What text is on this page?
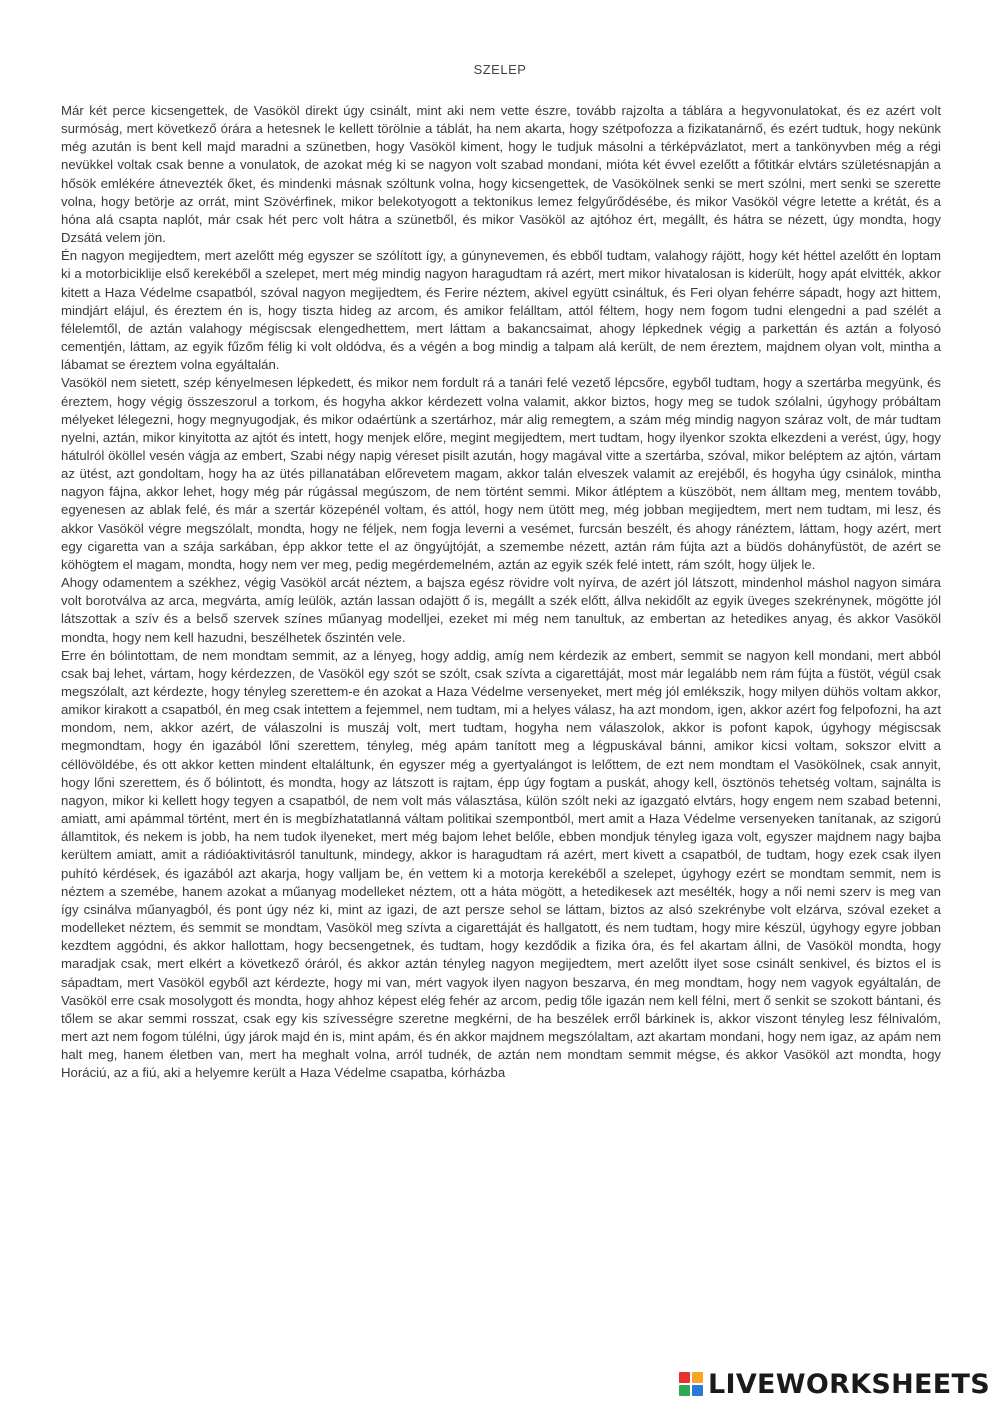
SZELEP

Már két perce kicsengettek, de Vasököl direkt úgy csinált, mint aki nem vette észre, tovább rajzolta a táblára a hegyvonulatokat, és ez azért volt surmóság, mert következő órára a hetesnek le kellett törölnie a táblát, ha nem akarta, hogy szétpofozza a fizikatanárnő, és ezért tudtuk, hogy nekünk még azután is bent kell majd maradni a szünetben, hogy Vasököl kiment, hogy le tudjuk másolni a térképvázlatot, mert a tankönyvben még a régi nevükkel voltak csak benne a vonulatok, de azokat még ki se nagyon volt szabad mondani, mióta két évvel ezelőtt a főtitkár elvtárs születésnapján a hősök emlékére átnevezték őket, és mindenki másnak szóltunk volna, hogy kicsengettek, de Vasökölnek senki se mert szólni, mert senki se szerette volna, hogy betörje az orrát, mint Szövérfinek, mikor belekotyogott a tektonikus lemez felgyűrődésébe, és mikor Vasököl végre letette a krétát, és a hóna alá csapta naplót, már csak hét perc volt hátra a szünetből, és mikor Vasököl az ajtóhoz ért, megállt, és hátra se nézett, úgy mondta, hogy Dzsátá velem jön.

Én nagyon megijedtem, mert azelőtt még egyszer se szólított így, a gúnynevemen, és ebből tudtam, valahogy rájött, hogy két héttel azelőtt én loptam ki a motorbiciklije első kerekéből a szelepet, mert még mindig nagyon haragudtam rá azért, mert mikor hivatalosan is kiderült, hogy apát elvitték, akkor kitett a Haza Védelme csapatból, szóval nagyon megijedtem, és Ferire néztem, akivel együtt csináltuk, és Feri olyan fehérre sápadt, hogy azt hittem, mindjárt elájul, és éreztem én is, hogy tiszta hideg az arcom, és amikor felálltam, attól féltem, hogy nem fogom tudni elengedni a pad szélét a félelemtől, de aztán valahogy mégiscsak elengedhettem, mert láttam a bakancsaimat, ahogy lépkednek végig a parkettán és aztán a folyosó cementjén, láttam, az egyik fűzőm félig ki volt oldódva, és a végén a bog mindig a talpam alá került, de nem éreztem, majdnem olyan volt, mintha a lábamat se éreztem volna egyáltalán.

Vasököl nem sietett, szép kényelmesen lépkedett, és mikor nem fordult rá a tanári felé vezető lépcsőre, egyből tudtam, hogy a szertárba megyünk, és éreztem, hogy végig összeszorul a torkom, és hogyha akkor kérdezett volna valamit, akkor biztos, hogy meg se tudok szólalni, úgyhogy próbáltam mélyeket lélegezni, hogy megnyugodjak, és mikor odaértünk a szertárhoz, már alig remegtem, a szám még mindig nagyon száraz volt, de már tudtam nyelni, aztán, mikor kinyitotta az ajtót és intett, hogy menjek előre, megint megijedtem, mert tudtam, hogy ilyenkor szokta elkezdeni a verést, úgy, hogy hátulról ököllel vesén vágja az embert, Szabi négy napig véreset pisilt azután, hogy magával vitte a szertárba, szóval, mikor beléptem az ajtón, vártam az ütést, azt gondoltam, hogy ha az ütés pillanatában előrevetem magam, akkor talán elveszek valamit az erejéből, és hogyha úgy csinálok, mintha nagyon fájna, akkor lehet, hogy még pár rúgással megúszom, de nem történt semmi. Mikor átléptem a küszöböt, nem álltam meg, mentem tovább, egyenesen az ablak felé, és már a szertár közepénél voltam, és attól, hogy nem ütött meg, még jobban megijedtem, mert nem tudtam, mi lesz, és akkor Vasököl végre megszólalt, mondta, hogy ne féljek, nem fogja leverni a vesémet, furcsán beszélt, és ahogy ránéztem, láttam, hogy azért, mert egy cigaretta van a szája sarkában, épp akkor tette el az öngyújtóját, a szemembe nézett, aztán rám fújta azt a büdös dohányfüstöt, de azért se köhögtem el magam, mondta, hogy nem ver meg, pedig megérdemelném, aztán az egyik szék felé intett, rám szólt, hogy üljek le.

Ahogy odamentem a székhez, végig Vasököl arcát néztem, a bajsza egész rövidre volt nyírva, de azért jól látszott, mindenhol máshol nagyon simára volt borotválva az arca, megvárta, amíg leülök, aztán lassan odajött ő is, megállt a szék előtt, állva nekidőlt az egyik üveges szekrénynek, mögötte jól látszottak a szív és a belső szervek színes műanyag modelljei, ezeket mi még nem tanultuk, az embertan az hetedikes anyag, és akkor Vasököl mondta, hogy nem kell hazudni, beszélhetek őszintén vele.

Erre én bólintottam, de nem mondtam semmit, az a lényeg, hogy addig, amíg nem kérdezik az embert, semmit se nagyon kell mondani, mert abból csak baj lehet, vártam, hogy kérdezzen, de Vasököl egy szót se szólt, csak szívta a cigarettáját, most már legalább nem rám fújta a füstöt, végül csak megszólalt, azt kérdezte, hogy tényleg szerettem-e én azokat a Haza Védelme versenyeket, mert még jól emlékszik, hogy milyen dühös voltam akkor, amikor kirakott a csapatból, én meg csak intettem a fejemmel, nem tudtam, mi a helyes válasz, ha azt mondom, igen, akkor azért fog felpofozni, ha azt mondom, nem, akkor azért, de válaszolni is muszáj volt, mert tudtam, hogyha nem válaszolok, akkor is pofont kapok, úgyhogy mégiscsak megmondtam, hogy én igazából lőni szerettem, tényleg, még apám tanított meg a légpuskával bánni, amikor kicsi voltam, sokszor elvitt a céllövöldébe, és ott akkor ketten mindent eltaláltunk, én egyszer még a gyertyalángot is lelőttem, de ezt nem mondtam el Vasökölnek, csak annyit, hogy lőni szerettem, és ő bólintott, és mondta, hogy az látszott is rajtam, épp úgy fogtam a puskát, ahogy kell, ösztönös tehetség voltam, sajnálta is nagyon, mikor ki kellett hogy tegyen a csapatból, de nem volt más választása, külön szólt neki az igazgató elvtárs, hogy engem nem szabad betenni, amiatt, ami apámmal történt, mert én is megbízhatatlanná váltam politikai szempontból, mert amit a Haza Védelme versenyeken tanítanak, az szigorú államtitok, és nekem is jobb, ha nem tudok ilyeneket, mert még bajom lehet belőle, ebben mondjuk tényleg igaza volt, egyszer majdnem nagy bajba kerültem amiatt, amit a rádióaktivitásról tanultunk, mindegy, akkor is haragudtam rá azért, mert kivett a csapatból, de tudtam, hogy ezek csak ilyen puhító kérdések, és igazából azt akarja, hogy valljam be, én vettem ki a motorja kerekéből a szelepet, úgyhogy ezért se mondtam semmit, nem is néztem a szemébe, hanem azokat a műanyag modelleket néztem, ott a háta mögött, a hetedikesek azt mesélték, hogy a női nemi szerv is meg van így csinálva műanyagból, és pont úgy néz ki, mint az igazi, de azt persze sehol se láttam, biztos az alsó szekrénybe volt elzárva, szóval ezeket a modelleket néztem, és semmit se mondtam, Vasököl meg szívta a cigarettáját és hallgatott, és nem tudtam, hogy mire készül, úgyhogy egyre jobban kezdtem aggódni, és akkor hallottam, hogy becsengetnek, és tudtam, hogy kezdődik a fizika óra, és fel akartam állni, de Vasököl mondta, hogy maradjak csak, mert elkért a következő óráról, és akkor aztán tényleg nagyon megijedtem, mert azelőtt ilyet sose csinált senkivel, és biztos el is sápadtam, mert Vasököl egyből azt kérdezte, hogy mi van, mért vagyok ilyen nagyon beszarva, én meg mondtam, hogy nem vagyok egyáltalán, de Vasököl erre csak mosolygott és mondta, hogy ahhoz képest elég fehér az arcom, pedig tőle igazán nem kell félni, mert ő senkit se szokott bántani, és tőlem se akar semmi rosszat, csak egy kis szívességre szeretne megkérni, de ha beszélek erről bárkinek is, akkor viszont tényleg lesz félnivalóm, mert azt nem fogom túlélni, úgy járok majd én is, mint apám, és én akkor majdnem megszólaltam, azt akartam mondani, hogy nem igaz, az apám nem halt meg, hanem életben van, mert ha meghalt volna, arról tudnék, de aztán nem mondtam semmit mégse, és akkor Vasököl azt mondta, hogy Horáciú, az a fiú, aki a helyemre került a Haza Védelme csapatba, kórházba

LIVEWORKSHEETS
